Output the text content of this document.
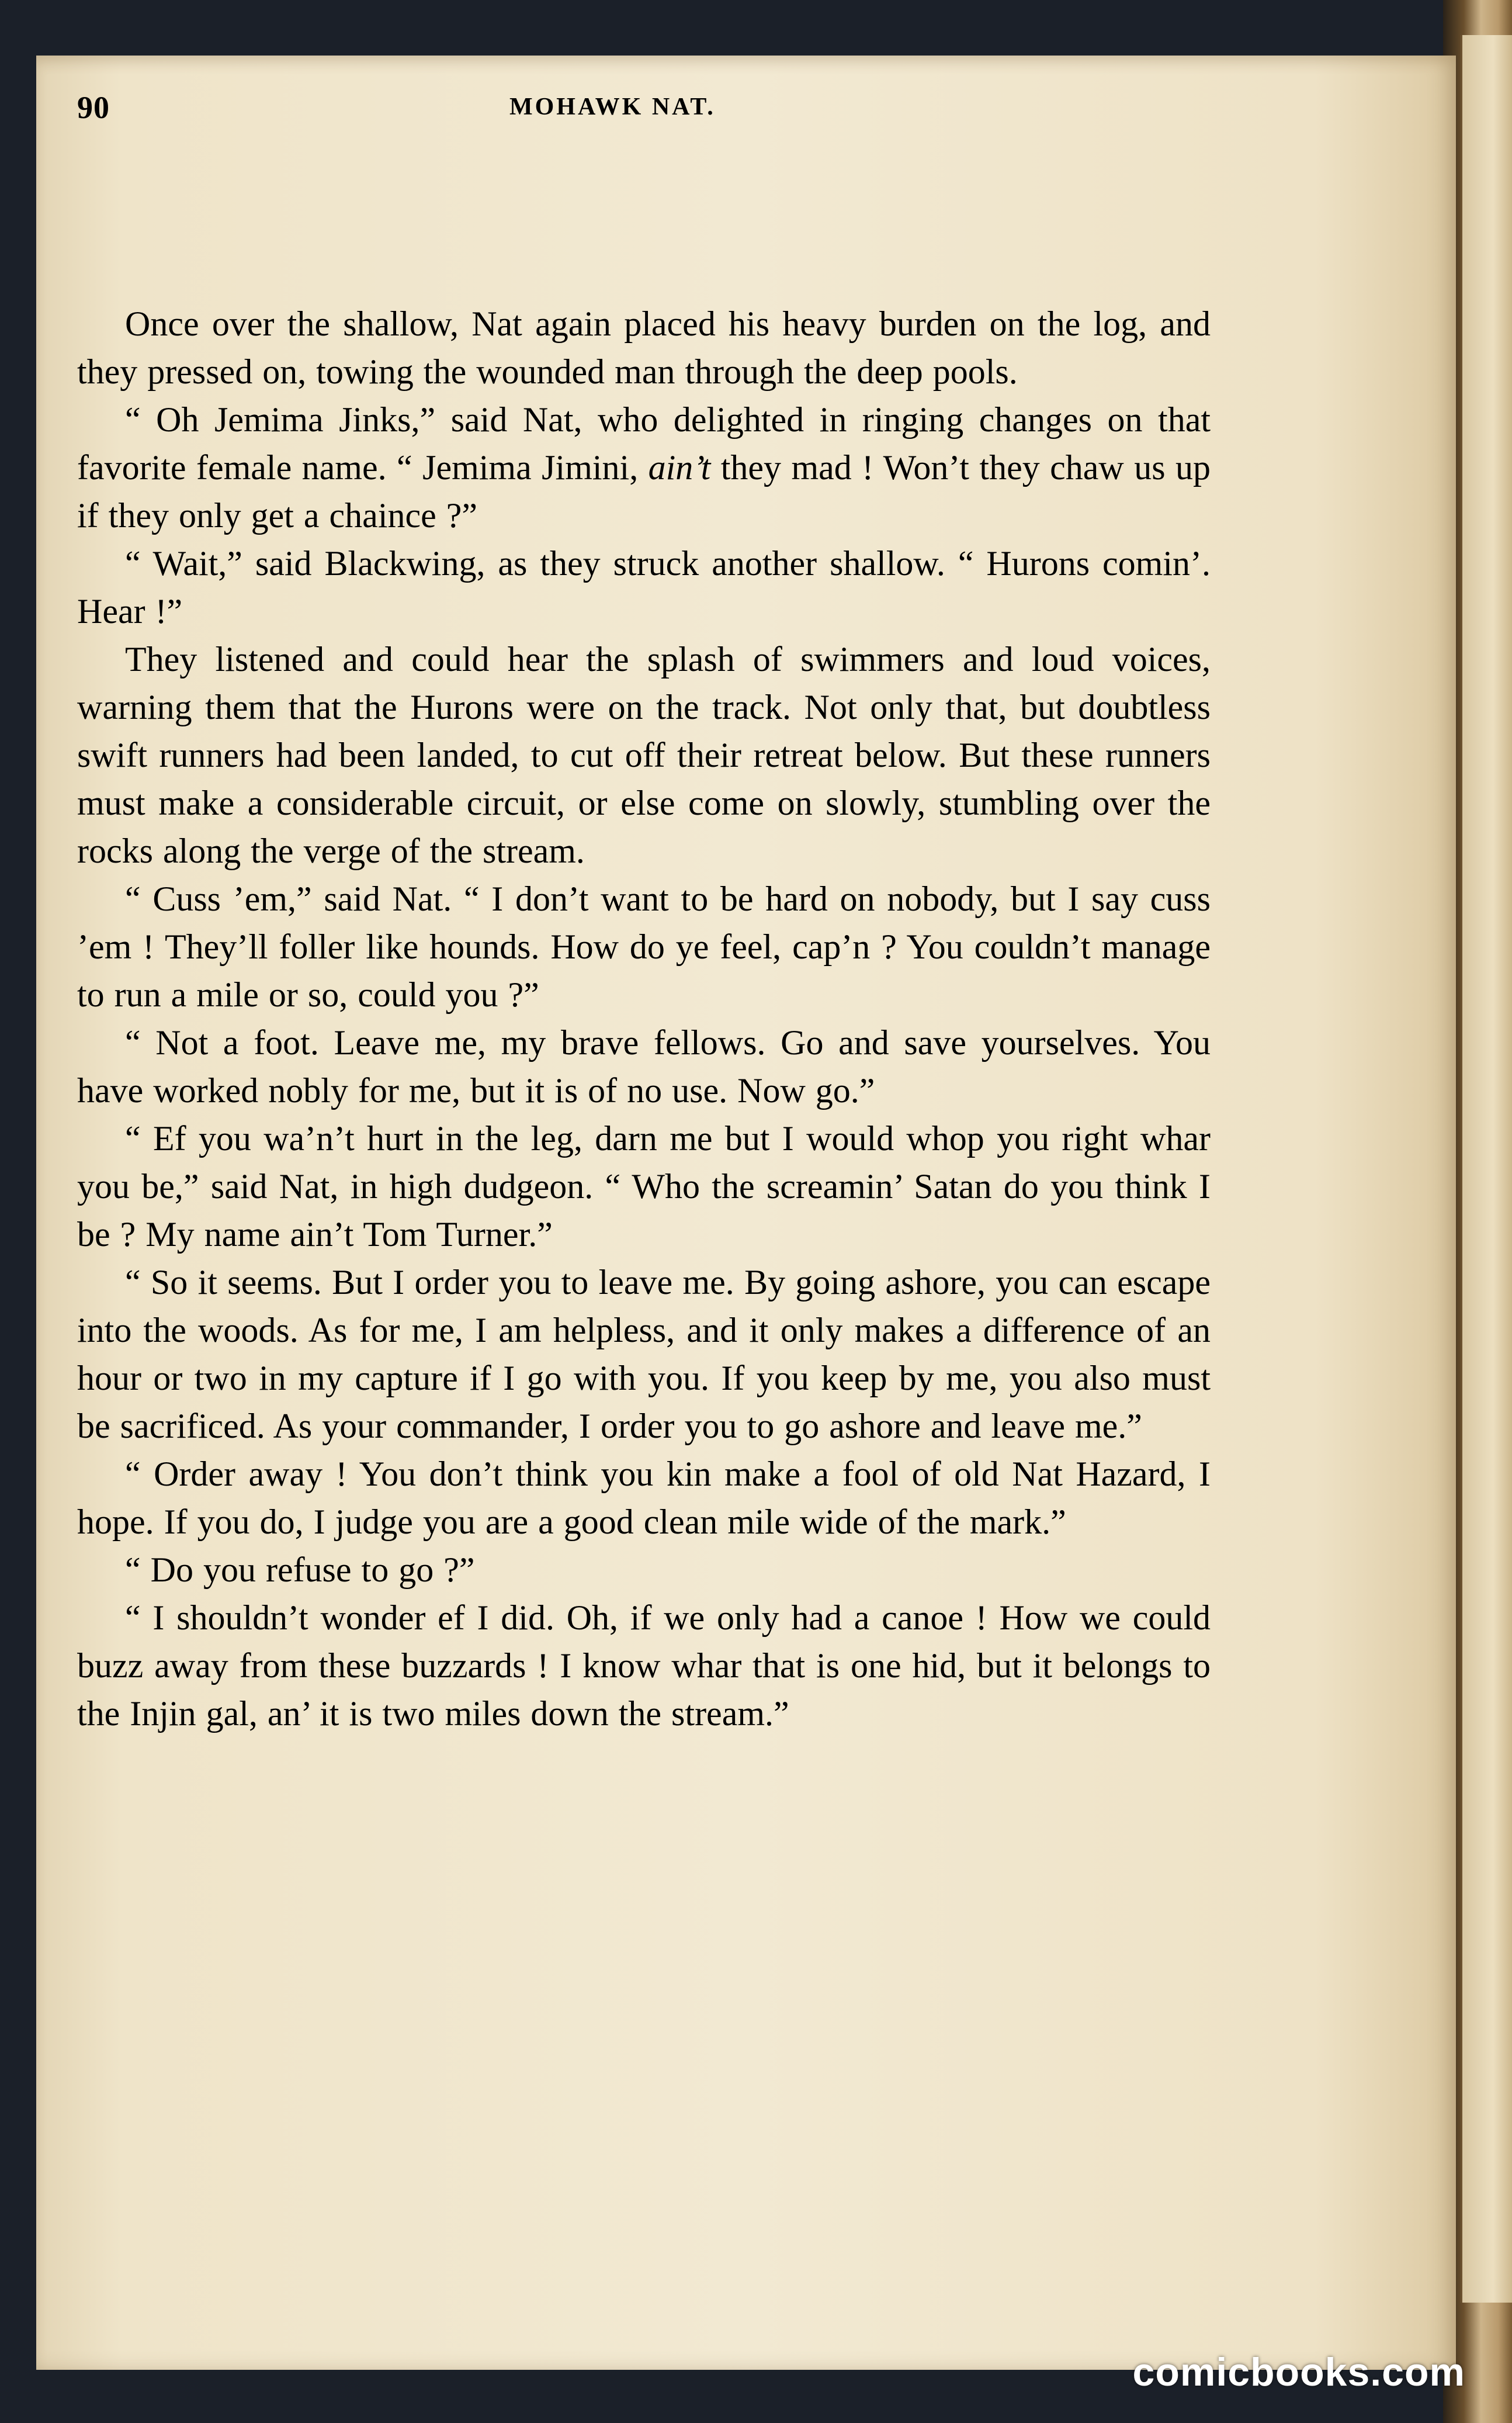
90	MOHAWK NAT.

Once over the shallow, Nat again placed his heavy burden on the log, and they pressed on, towing the wounded man through the deep pools.

“ Oh Jemima Jinks,” said Nat, who delighted in ringing changes on that favorite female name. “ Jemima Jimini, ain’t they mad ! Won’t they chaw us up if they only get a chaince ?”

“ Wait,” said Blackwing, as they struck another shallow. “ Hurons comin’. Hear !”

They listened and could hear the splash of swimmers and loud voices, warning them that the Hurons were on the track. Not only that, but doubtless swift runners had been landed, to cut off their retreat below. But these runners must make a considerable circuit, or else come on slowly, stumbling over the rocks along the verge of the stream.

“ Cuss ’em,” said Nat. “ I don’t want to be hard on nobody, but I say cuss ’em ! They’ll foller like hounds. How do ye feel, cap’n ? You couldn’t manage to run a mile or so, could you ?”

“ Not a foot. Leave me, my brave fellows. Go and save yourselves. You have worked nobly for me, but it is of no use. Now go.”

“ Ef you wa’n’t hurt in the leg, darn me but I would whop you right whar you be,” said Nat, in high dudgeon. “ Who the screamin’ Satan do you think I be ? My name ain’t Tom Turner.”

“ So it seems. But I order you to leave me. By going ashore, you can escape into the woods. As for me, I am helpless, and it only makes a difference of an hour or two in my capture if I go with you. If you keep by me, you also must be sacrificed. As your commander, I order you to go ashore and leave me.”

“ Order away ! You don’t think you kin make a fool of old Nat Hazard, I hope. If you do, I judge you are a good clean mile wide of the mark.”

“ Do you refuse to go ?”

“ I shouldn’t wonder ef I did. Oh, if we only had a canoe ! How we could buzz away from these buzzards ! I know whar that is one hid, but it belongs to the Injin gal, an’ it is two miles down the stream.”

comicbooks.com
